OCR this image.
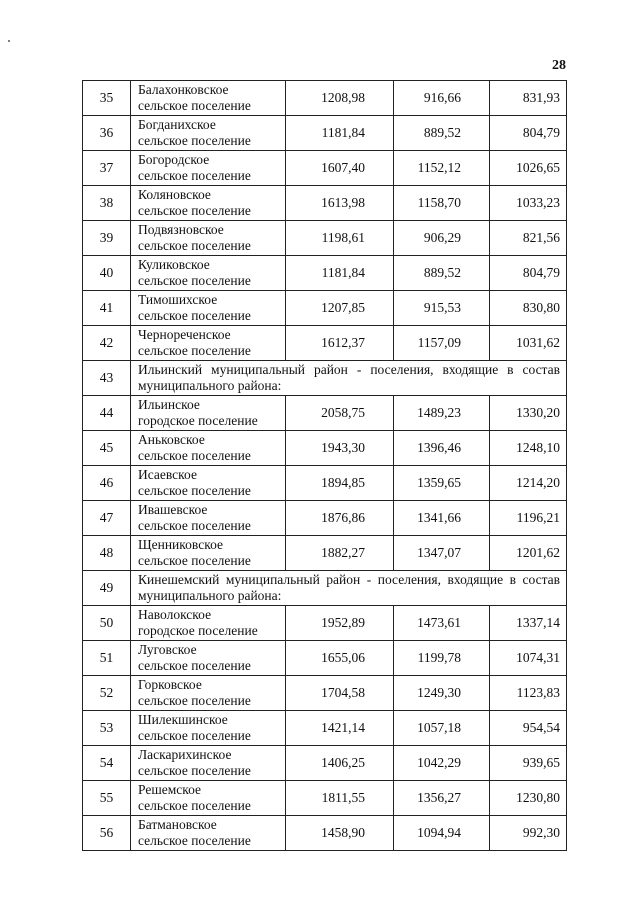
28
35	Балахонковское
сельское поселение	1208,98	916,66	831,93
36	Богданихское
сельское поселение	1181,84	889,52	804,79
37	Богородское
сельское поселение	1607,40	1152,12	1026,65
38	Коляновское
сельское поселение	1613,98	1158,70	1033,23
39	Подвязновское
сельское поселение	1198,61	906,29	821,56
40	Куликовское
сельское поселение	1181,84	889,52	804,79
41	Тимошихское
сельское поселение	1207,85	915,53	830,80
42	Чернореченское
сельское поселение	1612,37	1157,09	1031,62
43	Ильинский муниципальный район - поселения, входящие в состав муниципального района:			
44	Ильинское
городское поселение	2058,75	1489,23	1330,20
45	Аньковское
сельское поселение	1943,30	1396,46	1248,10
46	Исаевское
сельское поселение	1894,85	1359,65	1214,20
47	Ивашевское
сельское поселение	1876,86	1341,66	1196,21
48	Щенниковское
сельское поселение	1882,27	1347,07	1201,62
49	Кинешемский муниципальный район - поселения, входящие в состав муниципального района:			
50	Наволокское
городское поселение	1952,89	1473,61	1337,14
51	Луговское
сельское поселение	1655,06	1199,78	1074,31
52	Горковское
сельское поселение	1704,58	1249,30	1123,83
53	Шилекшинское
сельское поселение	1421,14	1057,18	954,54
54	Ласкарихинское
сельское поселение	1406,25	1042,29	939,65
55	Решемское
сельское поселение	1811,55	1356,27	1230,80
56	Батмановское
сельское поселение	1458,90	1094,94	992,30
